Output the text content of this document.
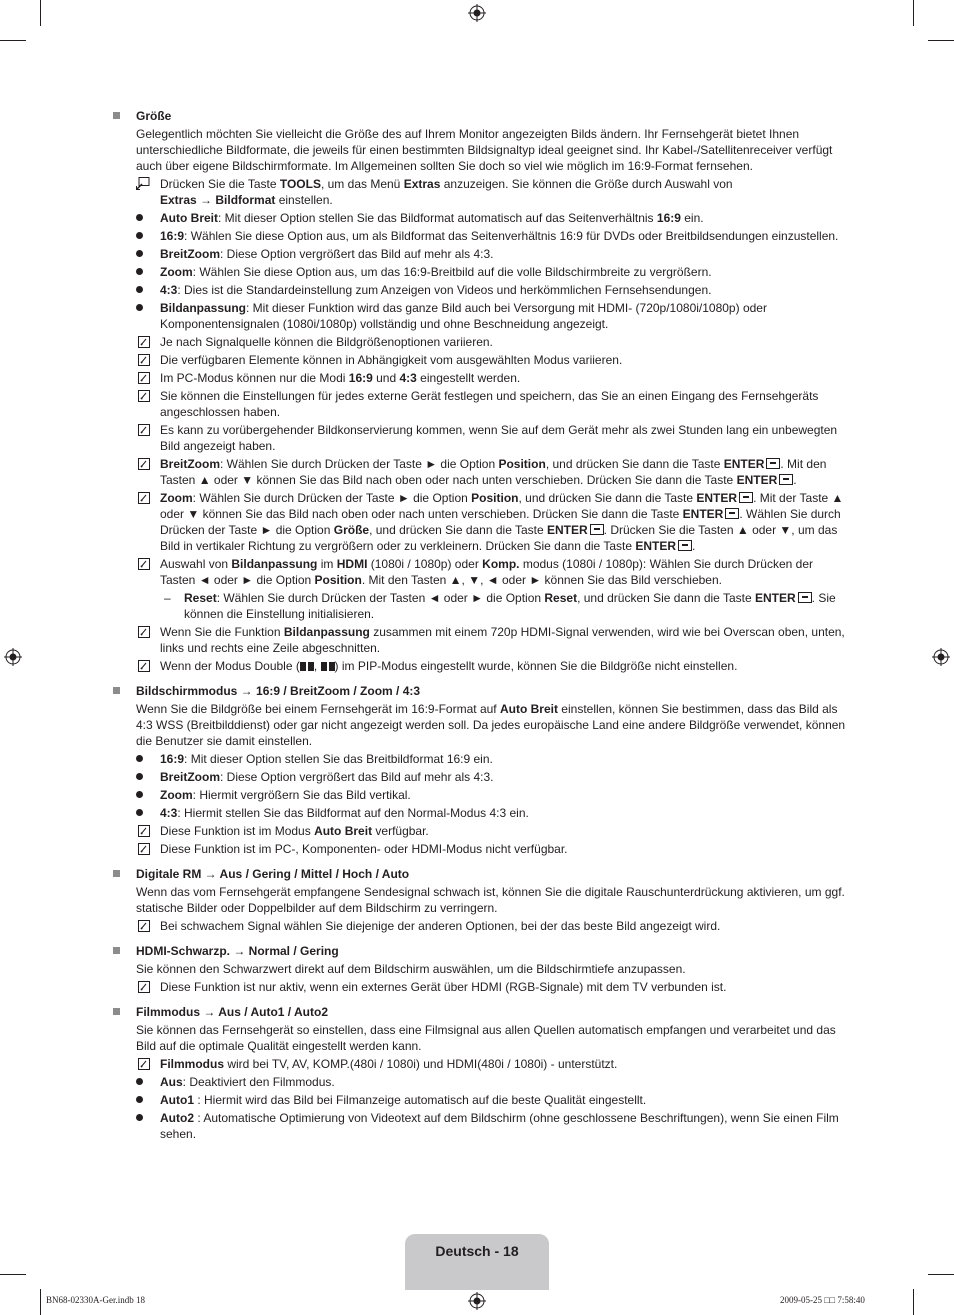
Größe
Gelegentlich möchten Sie vielleicht die Größe des auf Ihrem Monitor angezeigten Bilds ändern. Ihr Fernsehgerät bietet Ihnen unterschiedliche Bildformate, die jeweils für einen bestimmten Bildsignaltyp ideal geeignet sind. Ihr Kabel-/Satellitenreceiver verfügt auch über eigene Bildschirmformate. Im Allgemeinen sollten Sie doch so viel wie möglich im 16:9-Format fernsehen.
Drücken Sie die Taste TOOLS, um das Menü Extras anzuzeigen. Sie können die Größe durch Auswahl von
Extras → Bildformat einstellen.
Auto Breit: Mit dieser Option stellen Sie das Bildformat automatisch auf das Seitenverhältnis 16:9 ein.
16:9: Wählen Sie diese Option aus, um als Bildformat das Seitenverhältnis 16:9 für DVDs oder Breitbildsendungen einzustellen.
BreitZoom: Diese Option vergrößert das Bild auf mehr als 4:3.
Zoom: Wählen Sie diese Option aus, um das 16:9-Breitbild auf die volle Bildschirmbreite zu vergrößern.
4:3: Dies ist die Standardeinstellung zum Anzeigen von Videos und herkömmlichen Fernsehsendungen.
Bildanpassung: Mit dieser Funktion wird das ganze Bild auch bei Versorgung mit HDMI- (720p/1080i/1080p) oder Komponentensignalen (1080i/1080p) vollständig und ohne Beschneidung angezeigt.
Je nach Signalquelle können die Bildgrößenoptionen variieren.
Die verfügbaren Elemente können in Abhängigkeit vom ausgewählten Modus variieren.
Im PC-Modus können nur die Modi 16:9 und 4:3 eingestellt werden.
Sie können die Einstellungen für jedes externe Gerät festlegen und speichern, das Sie an einen Eingang des Fernsehgeräts angeschlossen haben.
Es kann zu vorübergehender Bildkonservierung kommen, wenn Sie auf dem Gerät mehr als zwei Stunden lang ein unbewegten Bild angezeigt haben.
BreitZoom: Wählen Sie durch Drücken der Taste ► die Option Position, und drücken Sie dann die Taste ENTER . Mit den Tasten ▲ oder ▼ können Sie das Bild nach oben oder nach unten verschieben. Drücken Sie dann die Taste ENTER .
Zoom: Wählen Sie durch Drücken der Taste ► die Option Position, und drücken Sie dann die Taste ENTER . Mit der Taste ▲ oder ▼ können Sie das Bild nach oben oder nach unten verschieben. Drücken Sie dann die Taste ENTER . Wählen Sie durch Drücken der Taste ► die Option Größe, und drücken Sie dann die Taste ENTER . Drücken Sie die Tasten ▲ oder ▼, um das Bild in vertikaler Richtung zu vergrößern oder zu verkleinern. Drücken Sie dann die Taste ENTER .
Auswahl von Bildanpassung im HDMI (1080i / 1080p) oder Komp. modus (1080i / 1080p): Wählen Sie durch Drücken der Tasten ◄ oder ► die Option Position. Mit den Tasten ▲, ▼, ◄ oder ► können Sie das Bild verschieben.
– Reset: Wählen Sie durch Drücken der Tasten ◄ oder ► die Option Reset, und drücken Sie dann die Taste ENTER . Sie können die Einstellung initialisieren.
Wenn Sie die Funktion Bildanpassung zusammen mit einem 720p HDMI-Signal verwenden, wird wie bei Overscan oben, unten, links und rechts eine Zeile abgeschnitten.
Wenn der Modus Double ( , ) im PIP-Modus eingestellt wurde, können Sie die Bildgröße nicht einstellen.
Bildschirmmodus → 16:9 / BreitZoom / Zoom / 4:3
Wenn Sie die Bildgröße bei einem Fernsehgerät im 16:9-Format auf Auto Breit einstellen, können Sie bestimmen, dass das Bild als 4:3 WSS (Breitbilddienst) oder gar nicht angezeigt werden soll. Da jedes europäische Land eine andere Bildgröße verwendet, können die Benutzer sie damit einstellen.
16:9: Mit dieser Option stellen Sie das Breitbildformat 16:9 ein.
BreitZoom: Diese Option vergrößert das Bild auf mehr als 4:3.
Zoom: Hiermit vergrößern Sie das Bild vertikal.
4:3: Hiermit stellen Sie das Bildformat auf den Normal-Modus 4:3 ein.
Diese Funktion ist im Modus Auto Breit verfügbar.
Diese Funktion ist im PC-, Komponenten- oder HDMI-Modus nicht verfügbar.
Digitale RM → Aus / Gering / Mittel / Hoch / Auto
Wenn das vom Fernsehgerät empfangene Sendesignal schwach ist, können Sie die digitale Rauschunterdrückung aktivieren, um ggf. statische Bilder oder Doppelbilder auf dem Bildschirm zu verringern.
Bei schwachem Signal wählen Sie diejenige der anderen Optionen, bei der das beste Bild angezeigt wird.
HDMI-Schwarzp. → Normal / Gering
Sie können den Schwarzwert direkt auf dem Bildschirm auswählen, um die Bildschirmtiefe anzupassen.
Diese Funktion ist nur aktiv, wenn ein externes Gerät über HDMI (RGB-Signale) mit dem TV verbunden ist.
Filmmodus → Aus / Auto1 / Auto2
Sie können das Fernsehgerät so einstellen, dass eine Filmsignal aus allen Quellen automatisch empfangen und verarbeitet und das Bild auf die optimale Qualität eingestellt werden kann.
Filmmodus wird bei TV, AV, KOMP.(480i / 1080i) und HDMI(480i / 1080i) - unterstützt.
Aus: Deaktiviert den Filmmodus.
Auto1 : Hiermit wird das Bild bei Filmanzeige automatisch auf die beste Qualität eingestellt.
Auto2 : Automatische Optimierung von Videotext auf dem Bildschirm (ohne geschlossene Beschriftungen), wenn Sie einen Film sehen.
Deutsch - 18
BN68-02330A-Ger.indb 18	2009-05-25 □□ 7:58:40
